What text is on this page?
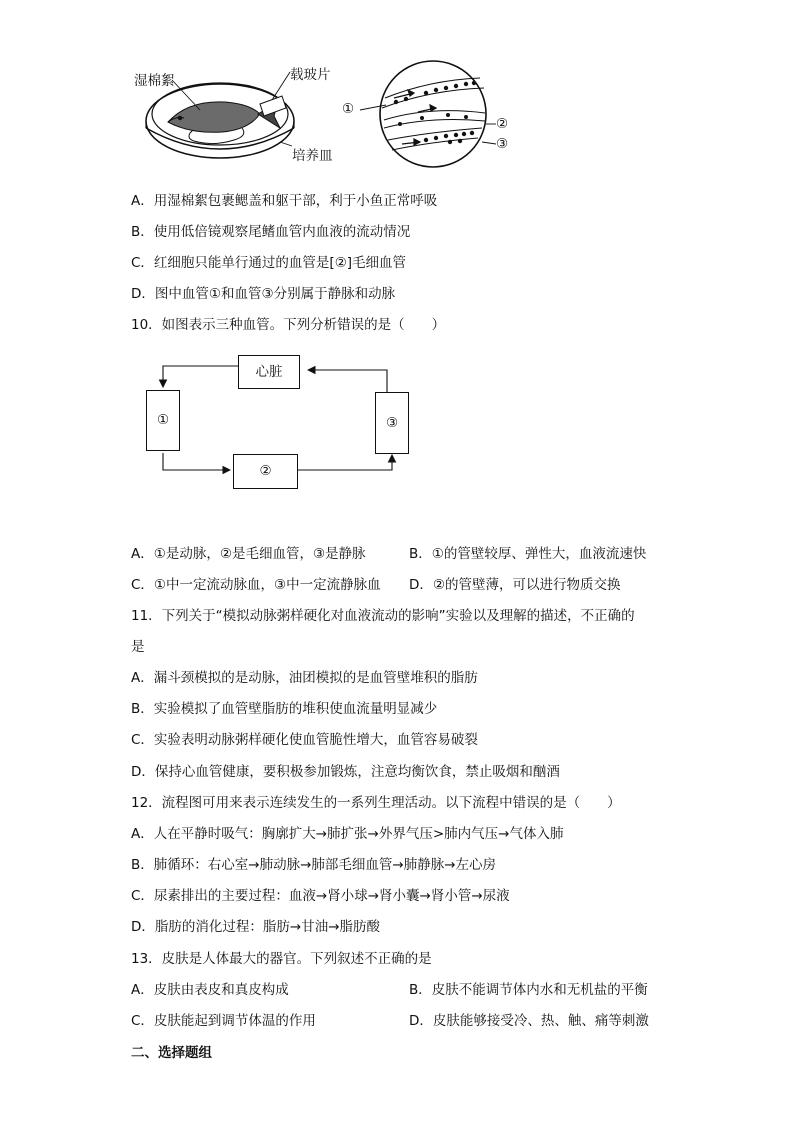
湿棉絮	载玻片
培养皿
①
②
③
A．用湿棉絮包裹鳃盖和躯干部，利于小鱼正常呼吸
B．使用低倍镜观察尾鳍血管内血液的流动情况
C．红细胞只能单行通过的血管是[②]毛细血管
D．图中血管①和血管③分别属于静脉和动脉
10．如图表示三种血管。下列分析错误的是（　　）
心脏
①
②
③
A．①是动脉，②是毛细血管，③是静脉	B．①的管壁较厚、弹性大，血液流速快
C．①中一定流动脉血，③中一定流静脉血 D．②的管壁薄，可以进行物质交换
11．下列关于“模拟动脉粥样硬化对血液流动的影响”实验以及理解的描述，不正确的
是
A．漏斗颈模拟的是动脉，油团模拟的是血管壁堆积的脂肪
B．实验模拟了血管壁脂肪的堆积使血流量明显减少
C．实验表明动脉粥样硬化使血管脆性增大，血管容易破裂
D．保持心血管健康，要积极参加锻炼，注意均衡饮食，禁止吸烟和酗酒
12．流程图可用来表示连续发生的一系列生理活动。以下流程中错误的是（　　）
A．人在平静时吸气：胸廓扩大→肺扩张→外界气压>肺内气压→气体入肺
B．肺循环：右心室→肺动脉→肺部毛细血管→肺静脉→左心房
C．尿素排出的主要过程：血液→肾小球→肾小囊→肾小管→尿液
D．脂肪的消化过程：脂肪→甘油→脂肪酸
13．皮肤是人体最大的器官。下列叙述不正确的是
A．皮肤由表皮和真皮构成	B．皮肤不能调节体内水和无机盐的平衡
C．皮肤能起到调节体温的作用	D．皮肤能够接受冷、热、触、痛等刺激
二、选择题组
